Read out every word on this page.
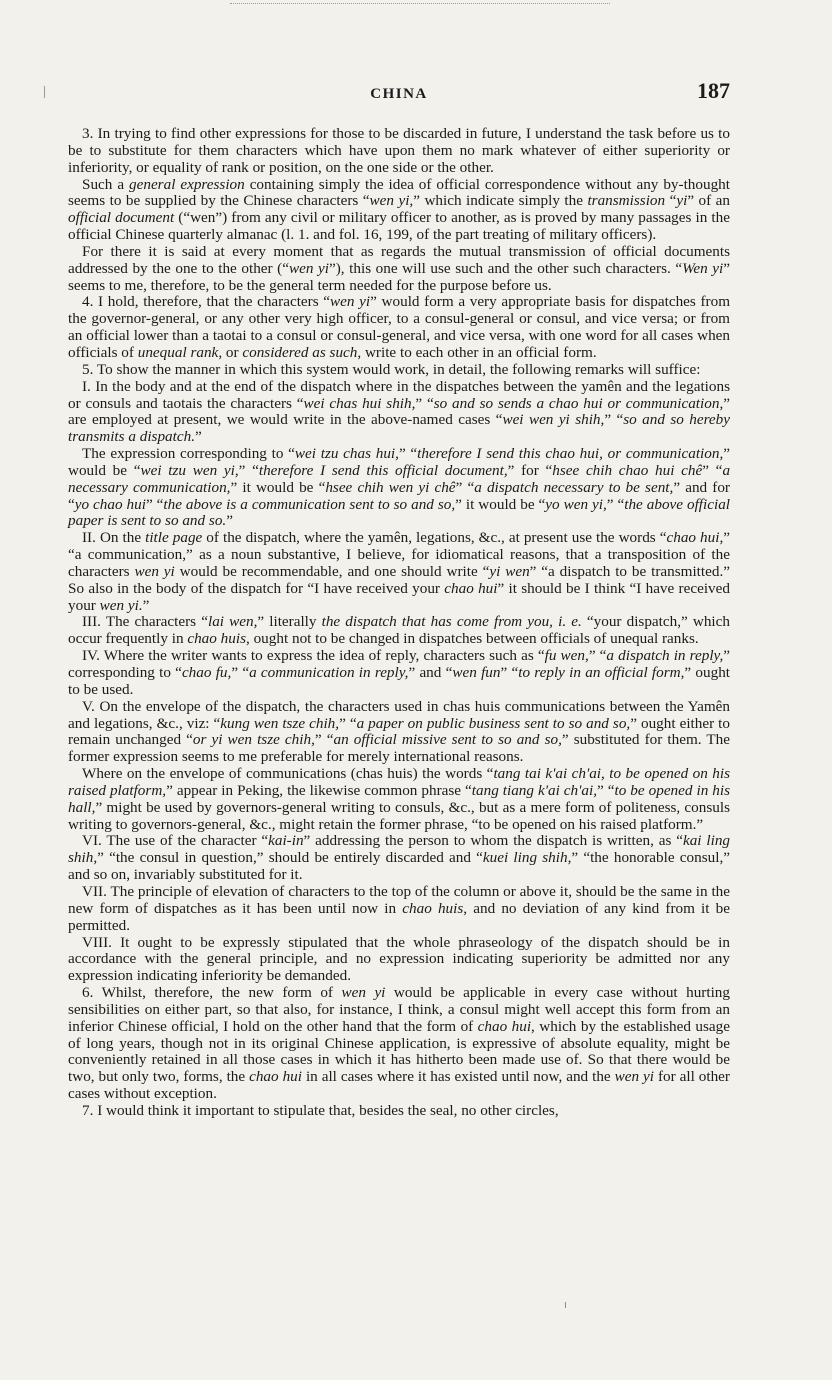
CHINA	187

3. In trying to find other expressions for those to be discarded in future, I understand the task before us to be to substitute for them characters which have upon them no mark whatever of either superiority or inferiority, or equality of rank or position, on the one side or the other.

Such a general expression containing simply the idea of official correspondence without any by-thought seems to be supplied by the Chinese characters “wen yi,” which indicate simply the transmission “yi” of an official document (“wen”) from any civil or military officer to another, as is proved by many passages in the official Chinese quarterly almanac (l. 1. and fol. 16, 199, of the part treating of military officers).

For there it is said at every moment that as regards the mutual transmission of official documents addressed by the one to the other (“wen yi”), this one will use such and the other such characters. “Wen yi” seems to me, therefore, to be the general term needed for the purpose before us.

4. I hold, therefore, that the characters “wen yi” would form a very appropriate basis for dispatches from the governor-general, or any other very high officer, to a consul-general or consul, and vice versa; or from an official lower than a taotai to a consul or consul-general, and vice versa, with one word for all cases when officials of unequal rank, or considered as such, write to each other in an official form.

5. To show the manner in which this system would work, in detail, the following remarks will suffice:

I. In the body and at the end of the dispatch where in the dispatches between the yamên and the legations or consuls and taotais the characters “wei chas hui shih,” “so and so sends a chao hui or communication,” are employed at present, we would write in the above-named cases “wei wen yi shih,” “so and so hereby transmits a dispatch.”

The expression corresponding to “wei tzu chas hui,” “therefore I send this chao hui, or communication,” would be “wei tzu wen yi,” “therefore I send this official document,” for “hsee chih chao hui chê” “a necessary communication,” it would be “hsee chih wen yi chê” “a dispatch necessary to be sent,” and for “yo chao hui” “the above is a communication sent to so and so,” it would be “yo wen yi,” “the above official paper is sent to so and so.”

II. On the title page of the dispatch, where the yamên, legations, &c., at present use the words “chao hui,” “a communication,” as a noun substantive, I believe, for idiomatical reasons, that a transposition of the characters wen yi would be recommendable, and one should write “yi wen” “a dispatch to be transmitted.” So also in the body of the dispatch for “I have received your chao hui” it should be I think “I have received your wen yi.”

III. The characters “lai wen,” literally the dispatch that has come from you, i. e. “your dispatch,” which occur frequently in chao huis, ought not to be changed in dispatches between officials of unequal ranks.

IV. Where the writer wants to express the idea of reply, characters such as “fu wen,” “a dispatch in reply,” corresponding to “chao fu,” “a communication in reply,” and “wen fun” “to reply in an official form,” ought to be used.

V. On the envelope of the dispatch, the characters used in chas huis communications between the Yamên and legations, &c., viz: “kung wen tsze chih,” “a paper on public business sent to so and so,” ought either to remain unchanged “or yi wen tsze chih,” “an official missive sent to so and so,” substituted for them. The former expression seems to me preferable for merely international reasons.

Where on the envelope of communications (chas huis) the words “tang tai k'ai ch'ai, to be opened on his raised platform,” appear in Peking, the likewise common phrase “tang tiang k'ai ch'ai,” “to be opened in his hall,” might be used by governors-general writing to consuls, &c., but as a mere form of politeness, consuls writing to governors-general, &c., might retain the former phrase, “to be opened on his raised platform.”

VI. The use of the character “kai-in” addressing the person to whom the dispatch is written, as “kai ling shih,” “the consul in question,” should be entirely discarded and “kuei ling shih,” “the honorable consul,” and so on, invariably substituted for it.

VII. The principle of elevation of characters to the top of the column or above it, should be the same in the new form of dispatches as it has been until now in chao huis, and no deviation of any kind from it be permitted.

VIII. It ought to be expressly stipulated that the whole phraseology of the dispatch should be in accordance with the general principle, and no expression indicating superiority be admitted nor any expression indicating inferiority be demanded.

6. Whilst, therefore, the new form of wen yi would be applicable in every case without hurting sensibilities on either part, so that also, for instance, I think, a consul might well accept this form from an inferior Chinese official, I hold on the other hand that the form of chao hui, which by the established usage of long years, though not in its original Chinese application, is expressive of absolute equality, might be conveniently retained in all those cases in which it has hitherto been made use of. So that there would be two, but only two, forms, the chao hui in all cases where it has existed until now, and the wen yi for all other cases without exception.

7. I would think it important to stipulate that, besides the seal, no other circles,
